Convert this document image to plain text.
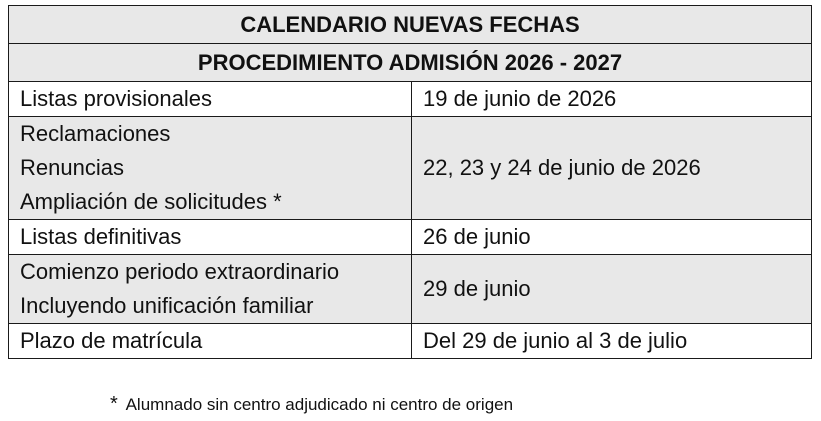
CALENDARIO NUEVAS FECHAS	
PROCEDIMIENTO ADMISIÓN 2026 - 2027	
Listas provisionales	19 de junio de 2026
Reclamaciones	22, 23 y 24 de junio de 2026
Renuncias	
Ampliación de solicitudes *	
Listas definitivas	26 de junio
Comienzo periodo extraordinario	29 de junio
Incluyendo unificación familiar	
Plazo de matrícula	Del 29 de junio al 3 de julio
* Alumnado sin centro adjudicado ni centro de origen
